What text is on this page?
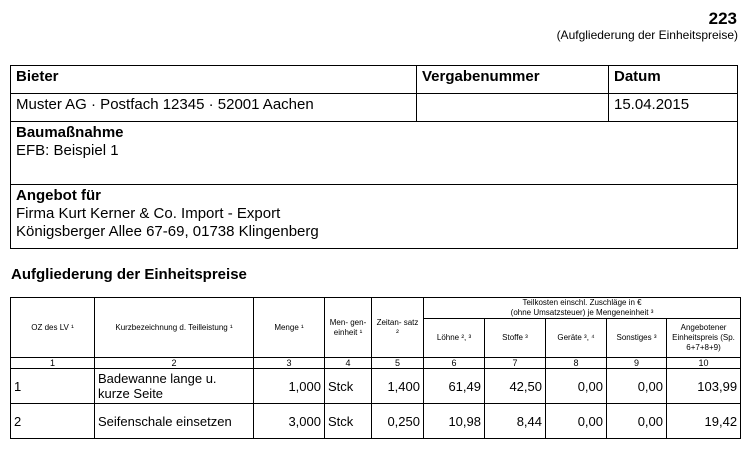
223
(Aufgliederung der Einheitspreise)
Bieter	Vergabenummer	Datum
Muster AG · Postfach 12345 · 52001 Aachen		15.04.2015

Baumaßnahme
EFB: Beispiel 1		

Angebot für
Firma Kurt Kerner & Co. Import - Export
Königsberger Allee 67-69, 01738 Klingenberg		
Aufgliederung der Einheitspreise
OZ des LV ¹	Kurzbezeichnung d. Teilleistung ¹	Menge ¹	Men- gen- einheit ¹	Zeitan- satz ²	Teilkosten einschl. Zuschläge in €
(ohne Umsatzsteuer) je Mengeneinheit ³				

					Löhne ², ³	Stoffe ³	Geräte ³, ⁴	Sonstiges ³	Angebotener Einheitspreis (Sp. 6+7+8+9)
1	2	3	4	5	6	7	8	9	10
1	Badewanne lange u. kurze Seite	1,000	Stck	1,400	61,49	42,50	0,00	0,00	103,99
2	Seifenschale einsetzen	3,000	Stck	0,250	10,98	8,44	0,00	0,00	19,42
